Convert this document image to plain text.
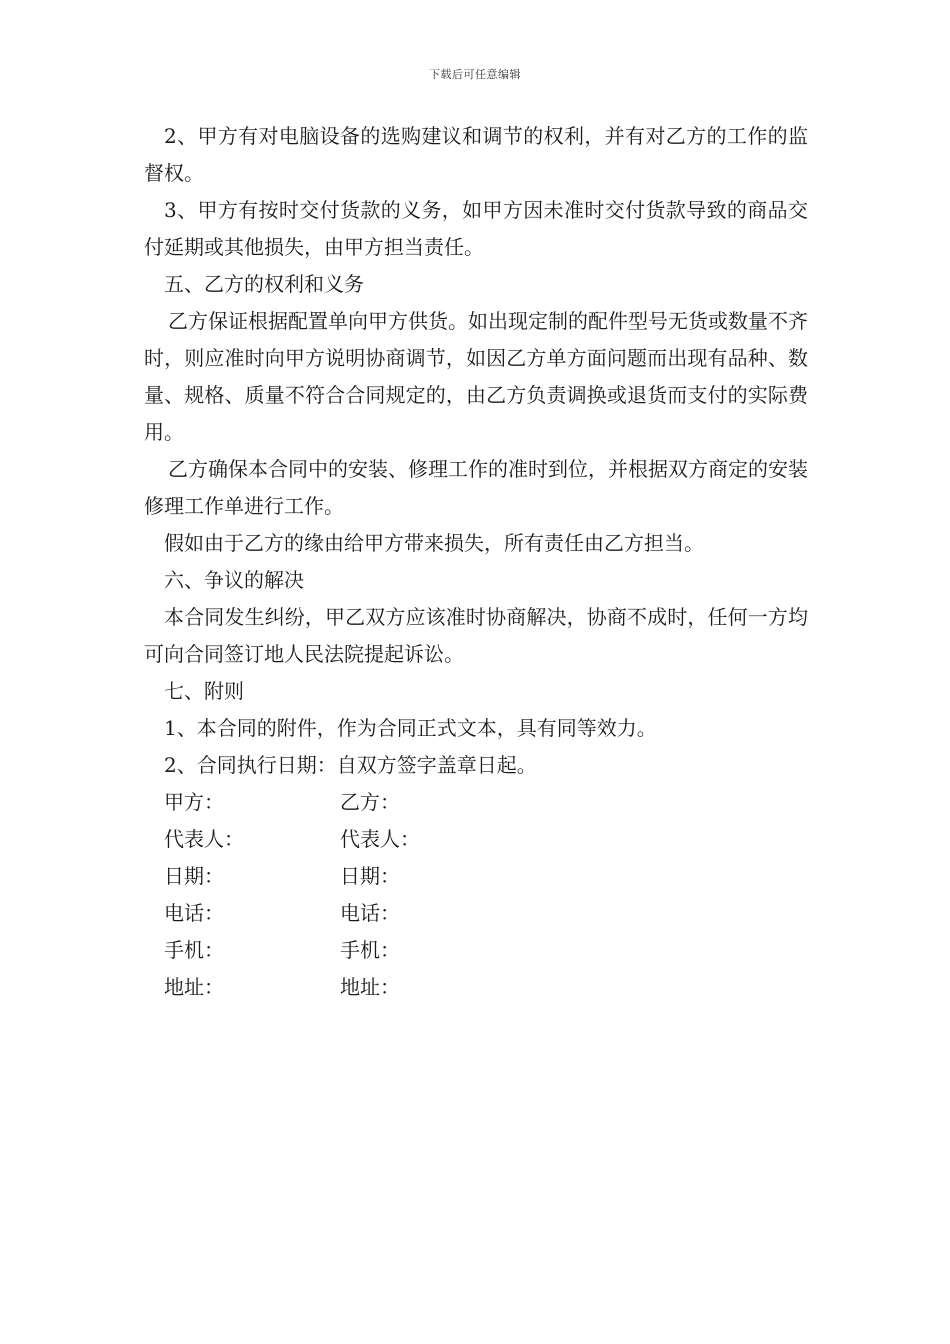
下载后可任意编辑

2、甲方有对电脑设备的选购建议和调节的权利，并有对乙方的工作的监督权。

3、甲方有按时交付货款的义务，如甲方因未准时交付货款导致的商品交付延期或其他损失，由甲方担当责任。

五、乙方的权利和义务

乙方保证根据配置单向甲方供货。如出现定制的配件型号无货或数量不齐时，则应准时向甲方说明协商调节，如因乙方单方面问题而出现有品种、数量、规格、质量不符合合同规定的，由乙方负责调换或退货而支付的实际费用。

乙方确保本合同中的安装、修理工作的准时到位，并根据双方商定的安装修理工作单进行工作。

假如由于乙方的缘由给甲方带来损失，所有责任由乙方担当。

六、争议的解决

本合同发生纠纷，甲乙双方应该准时协商解决，协商不成时，任何一方均可向合同签订地人民法院提起诉讼。

七、附则

1、本合同的附件，作为合同正式文本，具有同等效力。

2、合同执行日期：自双方签字盖章日起。

甲方：	乙方：
代表人：	代表人：
日期：	日期：
电话：	电话：
手机：	手机：
地址：	地址：
